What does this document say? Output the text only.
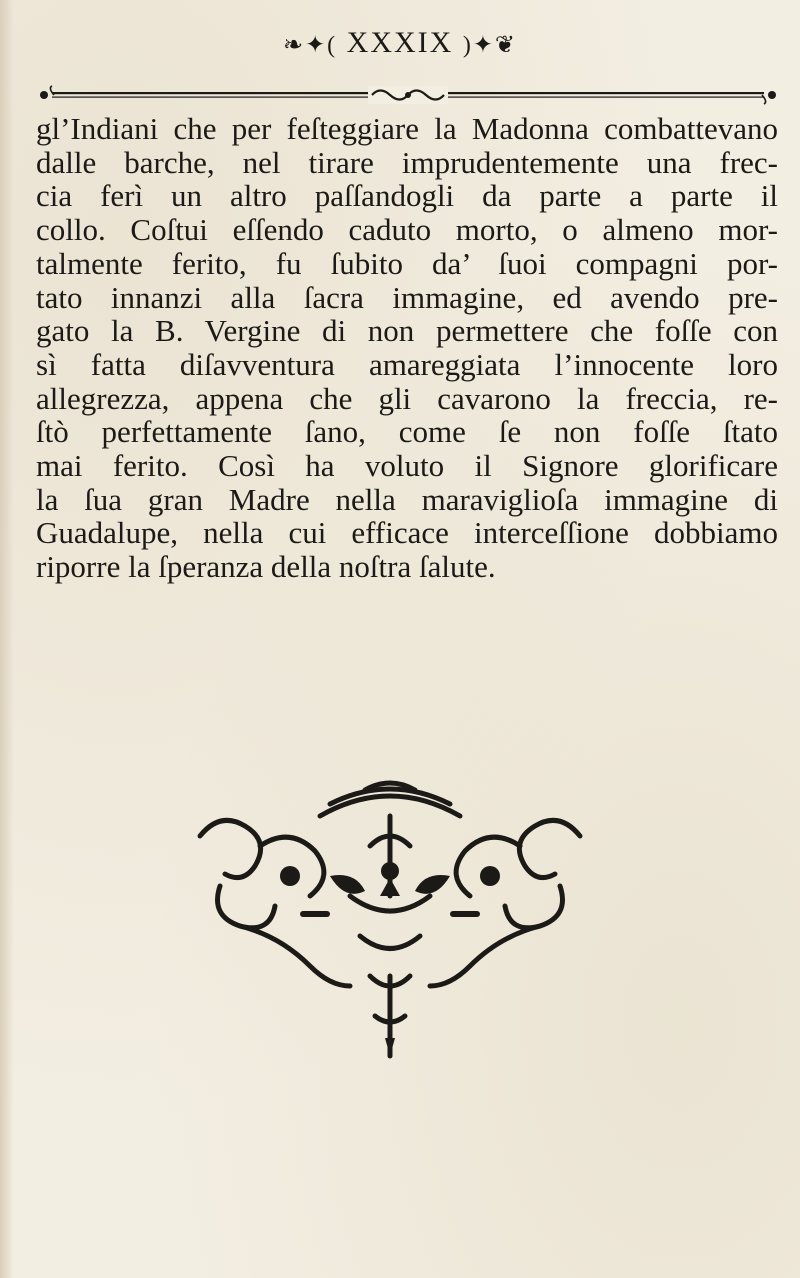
❧✦( XXXIX )✦❦
gl’Indiani che per feſteggiare la Madonna combattevano
dalle barche, nel tirare imprudentemente una frec-
cia ferì un altro paſſandogli da parte a parte il
collo. Coſtui eſſendo caduto morto, o almeno mor-
talmente ferito, fu ſubito da’ ſuoi compagni por-
tato innanzi alla ſacra immagine, ed avendo pre-
gato la B. Vergine di non permettere che foſſe con
sì fatta diſavventura amareggiata l’innocente loro
allegrezza, appena che gli cavarono la freccia, re-
ſtò perfettamente ſano, come ſe non foſſe ſtato
mai ferito. Così ha voluto il Signore glorificare
la ſua gran Madre nella maraviglioſa immagine di
Guadalupe, nella cui efficace interceſſione dobbiamo
riporre la ſperanza della noſtra ſalute.
